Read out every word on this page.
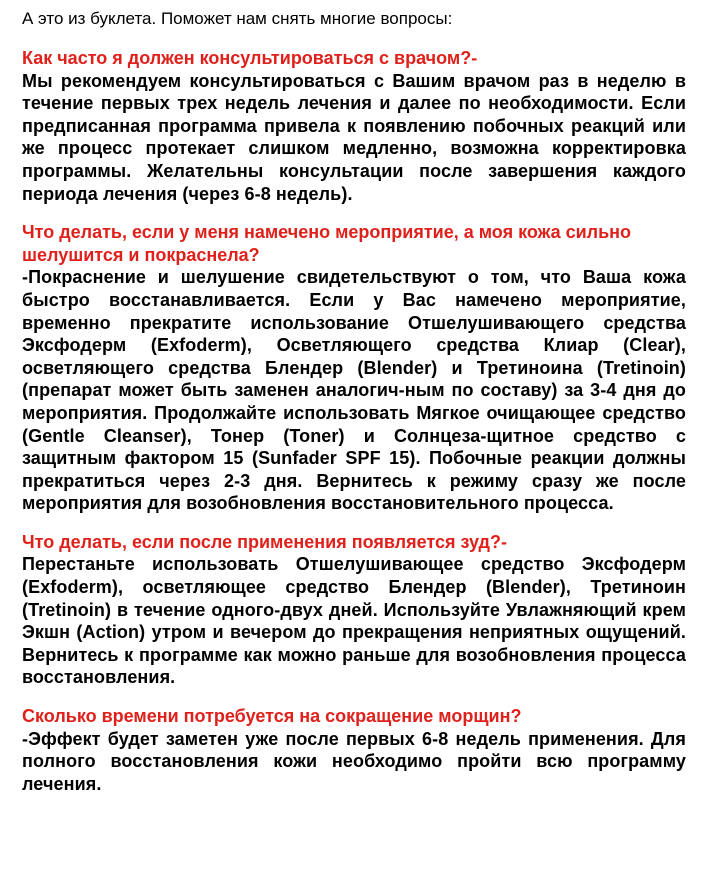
А это из буклета. Поможет нам снять многие вопросы:

Как часто я должен консультироваться с врачом?-

Мы рекомендуем консультироваться с Вашим врачом раз в неделю в течение первых трех недель лечения и далее по необходимости. Если предписанная программа привела к появлению побочных реакций или же процесс протекает слишком медленно, возможна корректировка программы. Желательны консультации после завершения каждого периода лечения (через 6-8 недель).

Что делать, если у меня намечено мероприятие, а моя кожа сильно шелушится и покраснела?

-Покраснение и шелушение свидетельствуют о том, что Ваша кожа быстро восстанавливается. Если у Вас намечено мероприятие, временно прекратите использование Отшелушивающего средства Эксфодерм (Exfoderm), Осветляющего средства Клиар (Clear), осветляющего средства Блендер (Blender) и Третиноина (Tretinoin) (препарат может быть заменен аналогич-ным по составу) за 3-4 дня до мероприятия. Продолжайте использовать Мягкое очищающее средство (Gentle Cleanser), Тонер (Toner) и Солнцеза-щитное средство с защитным фактором 15 (Sunfader SPF 15). Побочные реакции должны прекратиться через 2-3 дня. Вернитесь к режиму сразу же после мероприятия для возобновления восстановительного процесса.

Что делать, если после применения появляется зуд?-

Перестаньте использовать Отшелушивающее средство Эксфодерм (Exfoderm), осветляющее средство Блендер (Blender), Третиноин (Tretinoin) в течение одного-двух дней. Используйте Увлажняющий крем Экшн (Action) утром и вечером до прекращения неприятных ощущений. Вернитесь к программе как можно раньше для возобновления процесса восстановления.

Сколько времени потребуется на сокращение морщин?

-Эффект будет заметен уже после первых 6-8 недель применения. Для полного восстановления кожи необходимо пройти всю программу лечения.
